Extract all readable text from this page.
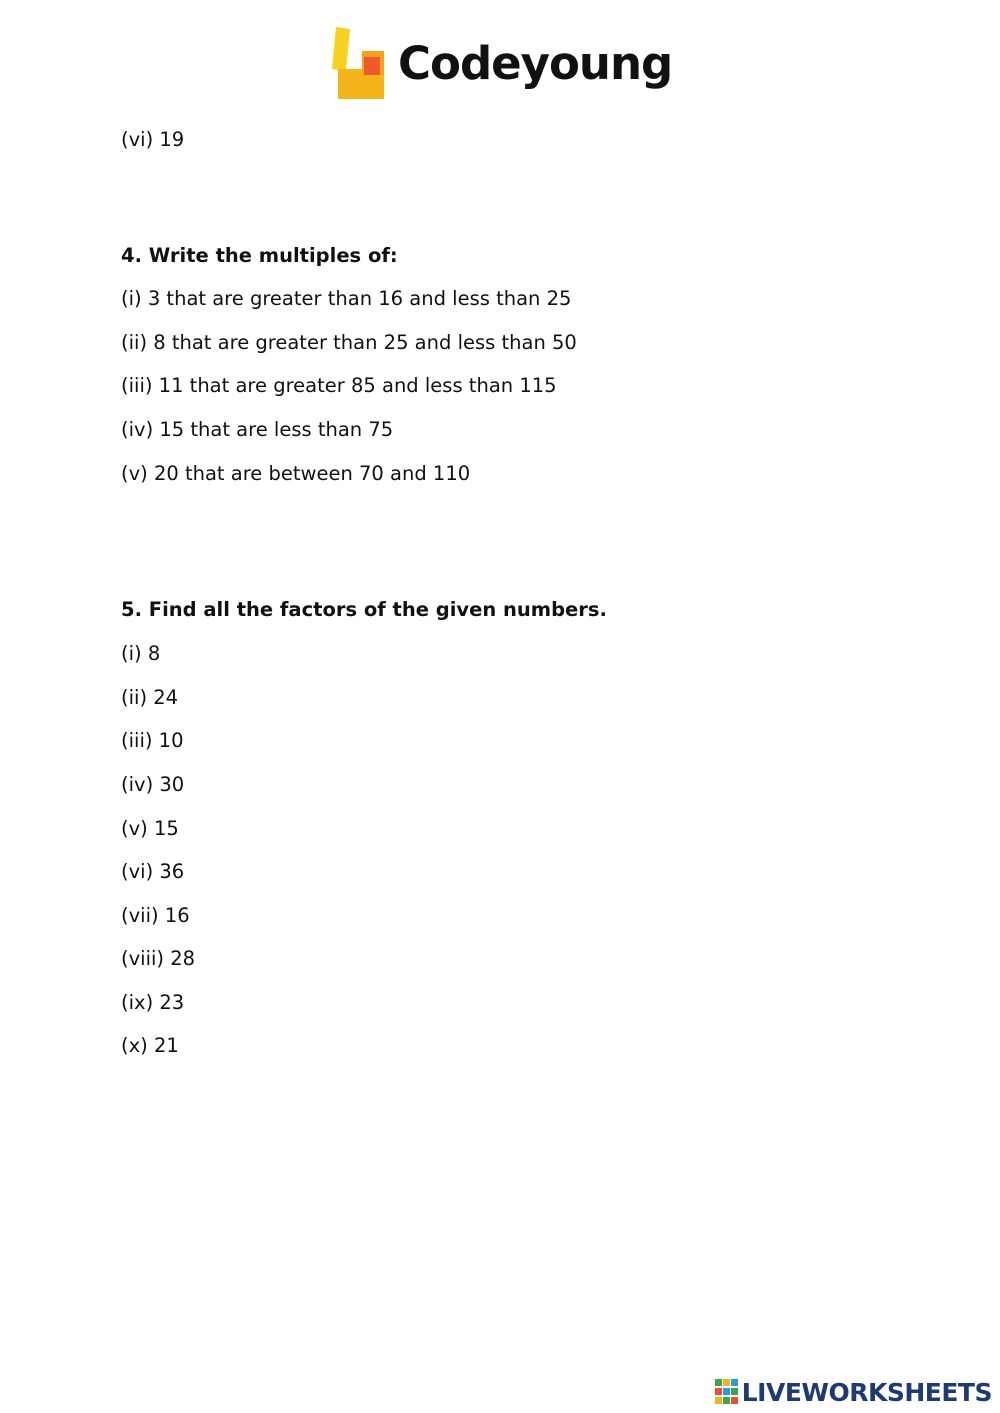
Codeyoung
(vi) 19
4. Write the multiples of:
(i) 3 that are greater than 16 and less than 25
(ii) 8 that are greater than 25 and less than 50
(iii) 11 that are greater 85 and less than 115
(iv) 15 that are less than 75
(v) 20 that are between 70 and 110
5. Find all the factors of the given numbers.
(i) 8
(ii) 24
(iii) 10
(iv) 30
(v) 15
(vi) 36
(vii) 16
(viii) 28
(ix) 23
(x) 21
LIVEWORKSHEETS
